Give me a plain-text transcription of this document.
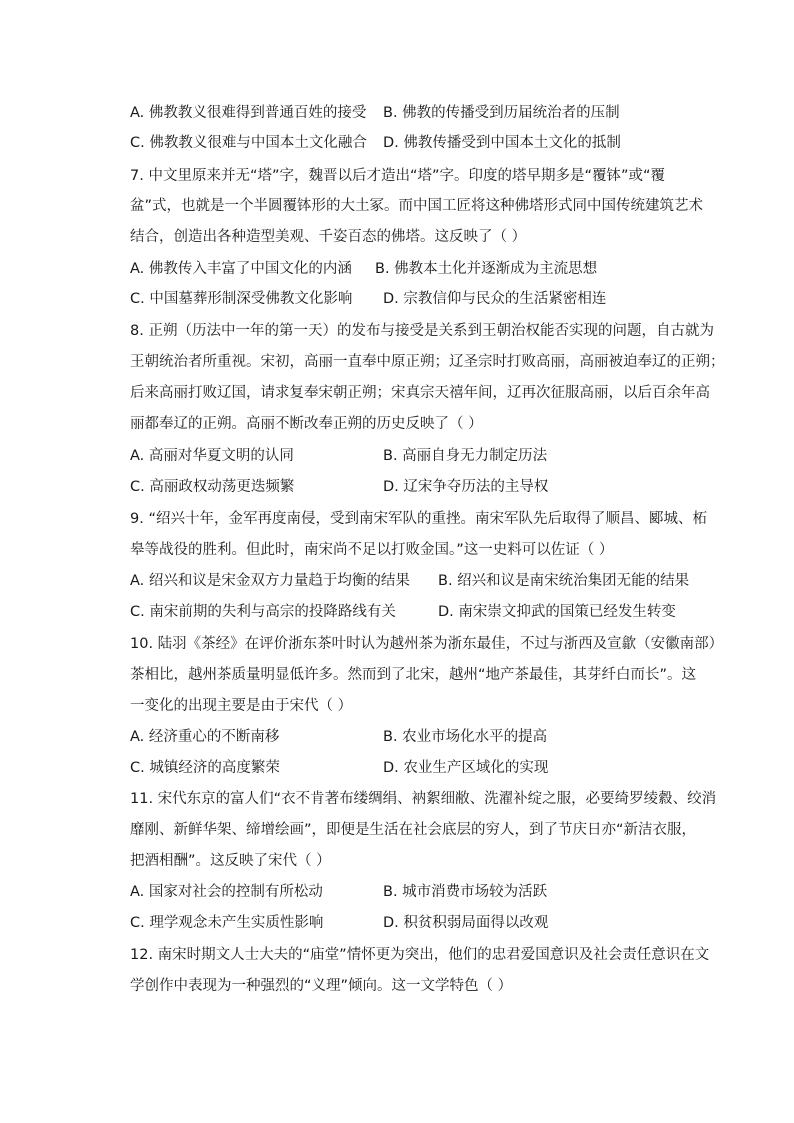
A. 佛教教义很难得到普通百姓的接受 B. 佛教的传播受到历届统治者的压制
C. 佛教教义很难与中国本土文化融合 D. 佛教传播受到中国本土文化的抵制
7. 中文里原来并无“塔”字，魏晋以后才造出“塔”字。印度的塔早期多是“覆钵”或“覆
盆”式，也就是一个半圆覆钵形的大土冢。而中国工匠将这种佛塔形式同中国传统建筑艺术
结合，创造出各种造型美观、千姿百态的佛塔。这反映了（ ）
A. 佛教传入丰富了中国文化的内涵 B. 佛教本土化并逐渐成为主流思想
C. 中国墓葬形制深受佛教文化影响 D. 宗教信仰与民众的生活紧密相连
8. 正朔（历法中一年的第一天）的发布与接受是关系到王朝治权能否实现的问题，自古就为
王朝统治者所重视。宋初，高丽一直奉中原正朔；辽圣宗时打败高丽，高丽被迫奉辽的正朔；
后来高丽打败辽国，请求复奉宋朝正朔；宋真宗天禧年间，辽再次征服高丽，以后百余年高
丽都奉辽的正朔。高丽不断改奉正朔的历史反映了（ ）
A. 高丽对华夏文明的认同	B. 高丽自身无力制定历法
C. 高丽政权动荡更迭频繁	D. 辽宋争夺历法的主导权
9. “绍兴十年，金军再度南侵，受到南宋军队的重挫。南宋军队先后取得了顺昌、郾城、柘
皋等战役的胜利。但此时，南宋尚不足以打败金国。”这一史料可以佐证（ ）
A. 绍兴和议是宋金双方力量趋于均衡的结果 B. 绍兴和议是南宋统治集团无能的结果
C. 南宋前期的失利与高宗的投降路线有关	D. 南宋崇文抑武的国策已经发生转变
10. 陆羽《茶经》在评价浙东茶叶时认为越州茶为浙东最佳，不过与浙西及宣歙（安徽南部）
茶相比，越州茶质量明显低许多。然而到了北宋，越州“地产茶最佳，其芽纤白而长”。这
一变化的出现主要是由于宋代（ ）
A. 经济重心的不断南移	B. 农业市场化水平的提高
C. 城镇经济的高度繁荣	D. 农业生产区域化的实现
11. 宋代东京的富人们“衣不肯著布缕绸绢、衲絮细敝、洗濯补绽之服，必要绮罗绫縠、绞消
靡刚、新鲜华架、缔增绘画”，即便是生活在社会底层的穷人，到了节庆日亦“新洁衣服，
把酒相酬”。这反映了宋代（ ）
A. 国家对社会的控制有所松动	B. 城市消费市场较为活跃
C. 理学观念未产生实质性影响	D. 积贫积弱局面得以改观
12. 南宋时期文人士大夫的“庙堂”情怀更为突出，他们的忠君爱国意识及社会责任意识在文
学创作中表现为一种强烈的“义理”倾向。这一文学特色（ ）
